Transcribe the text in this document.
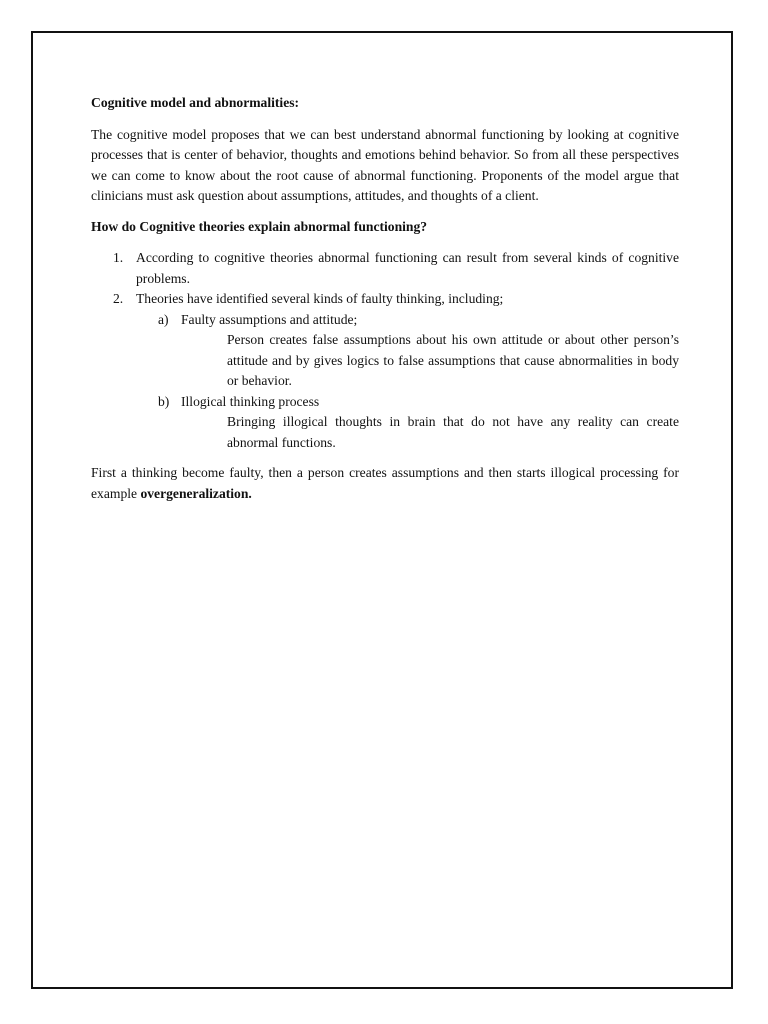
Cognitive model and abnormalities:
The cognitive model proposes that we can best understand abnormal functioning by looking at cognitive processes that is center of behavior, thoughts and emotions behind behavior. So from all these perspectives we can come to know about the root cause of abnormal functioning. Proponents of the model argue that clinicians must ask question about assumptions, attitudes, and thoughts of a client.
How do Cognitive theories explain abnormal functioning?
1. According to cognitive theories abnormal functioning can result from several kinds of cognitive problems.
2. Theories have identified several kinds of faulty thinking, including;
a) Faulty assumptions and attitude;
Person creates false assumptions about his own attitude or about other person’s attitude and by gives logics to false assumptions that cause abnormalities in body or behavior.
b) Illogical thinking process
Bringing illogical thoughts in brain that do not have any reality can create abnormal functions.
First a thinking become faulty, then a person creates assumptions and then starts illogical processing for example overgeneralization.
